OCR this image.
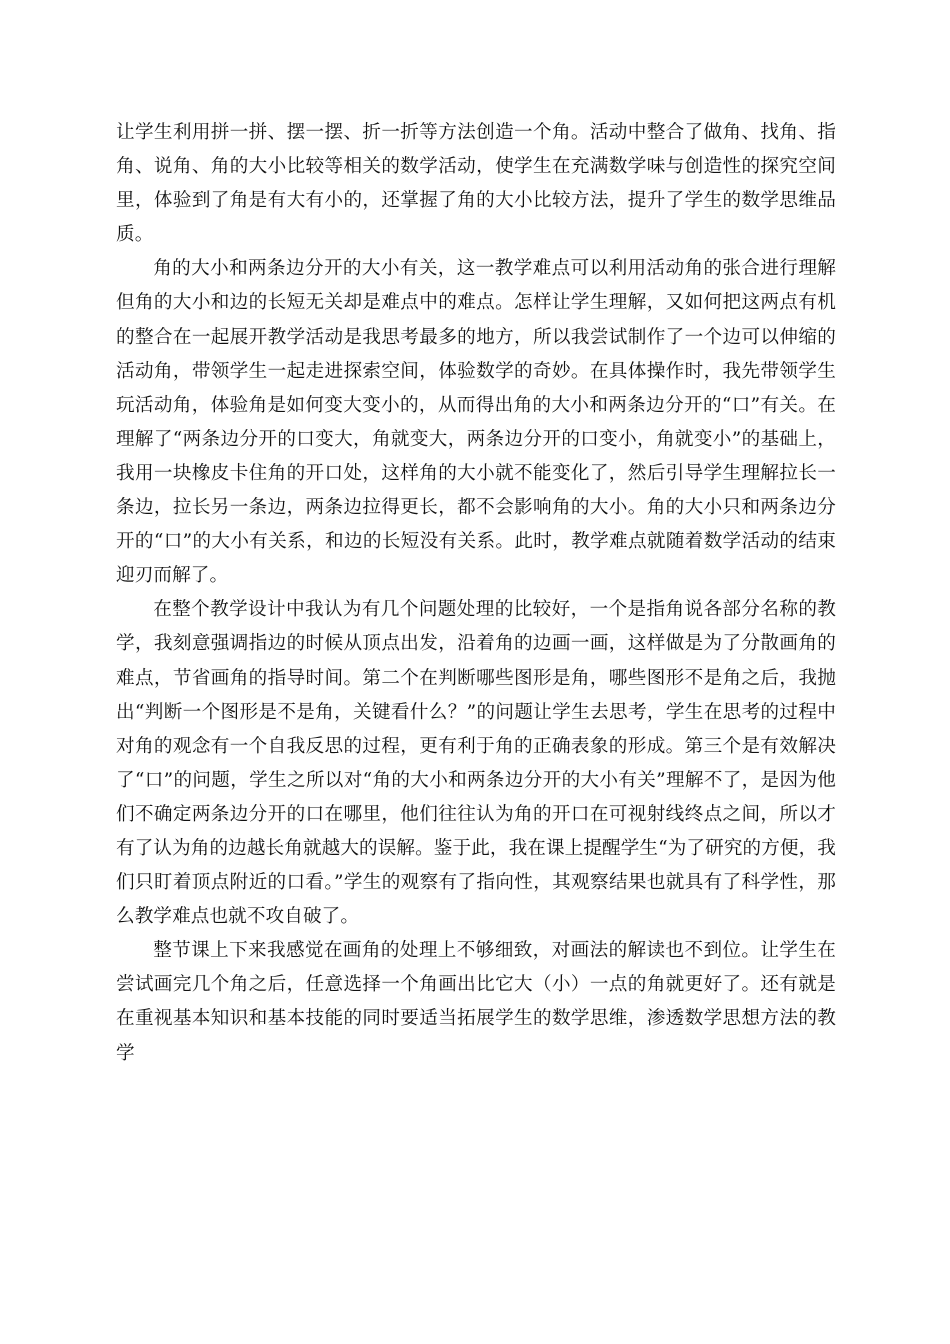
让学生利用拼一拼、摆一摆、折一折等方法创造一个角。活动中整合了做角、找角、指角、说角、角的大小比较等相关的数学活动，使学生在充满数学味与创造性的探究空间里，体验到了角是有大有小的，还掌握了角的大小比较方法，提升了学生的数学思维品质。

角的大小和两条边分开的大小有关，这一教学难点可以利用活动角的张合进行理解但角的大小和边的长短无关却是难点中的难点。怎样让学生理解，又如何把这两点有机的整合在一起展开教学活动是我思考最多的地方，所以我尝试制作了一个边可以伸缩的活动角，带领学生一起走进探索空间，体验数学的奇妙。在具体操作时，我先带领学生玩活动角，体验角是如何变大变小的，从而得出角的大小和两条边分开的“口”有关。在理解了“两条边分开的口变大，角就变大，两条边分开的口变小，角就变小”的基础上，我用一块橡皮卡住角的开口处，这样角的大小就不能变化了，然后引导学生理解拉长一条边，拉长另一条边，两条边拉得更长，都不会影响角的大小。角的大小只和两条边分开的“口”的大小有关系，和边的长短没有关系。此时，教学难点就随着数学活动的结束迎刃而解了。

在整个教学设计中我认为有几个问题处理的比较好，一个是指角说各部分名称的教学，我刻意强调指边的时候从顶点出发，沿着角的边画一画，这样做是为了分散画角的难点，节省画角的指导时间。第二个在判断哪些图形是角，哪些图形不是角之后，我抛出“判断一个图形是不是角，关键看什么？”的问题让学生去思考，学生在思考的过程中对角的观念有一个自我反思的过程，更有利于角的正确表象的形成。第三个是有效解决了“口”的问题，学生之所以对“角的大小和两条边分开的大小有关”理解不了，是因为他们不确定两条边分开的口在哪里，他们往往认为角的开口在可视射线终点之间，所以才有了认为角的边越长角就越大的误解。鉴于此，我在课上提醒学生“为了研究的方便，我们只盯着顶点附近的口看。”学生的观察有了指向性，其观察结果也就具有了科学性，那么教学难点也就不攻自破了。

整节课上下来我感觉在画角的处理上不够细致，对画法的解读也不到位。让学生在尝试画完几个角之后，任意选择一个角画出比它大（小）一点的角就更好了。还有就是在重视基本知识和基本技能的同时要适当拓展学生的数学思维，渗透数学思想方法的教学
